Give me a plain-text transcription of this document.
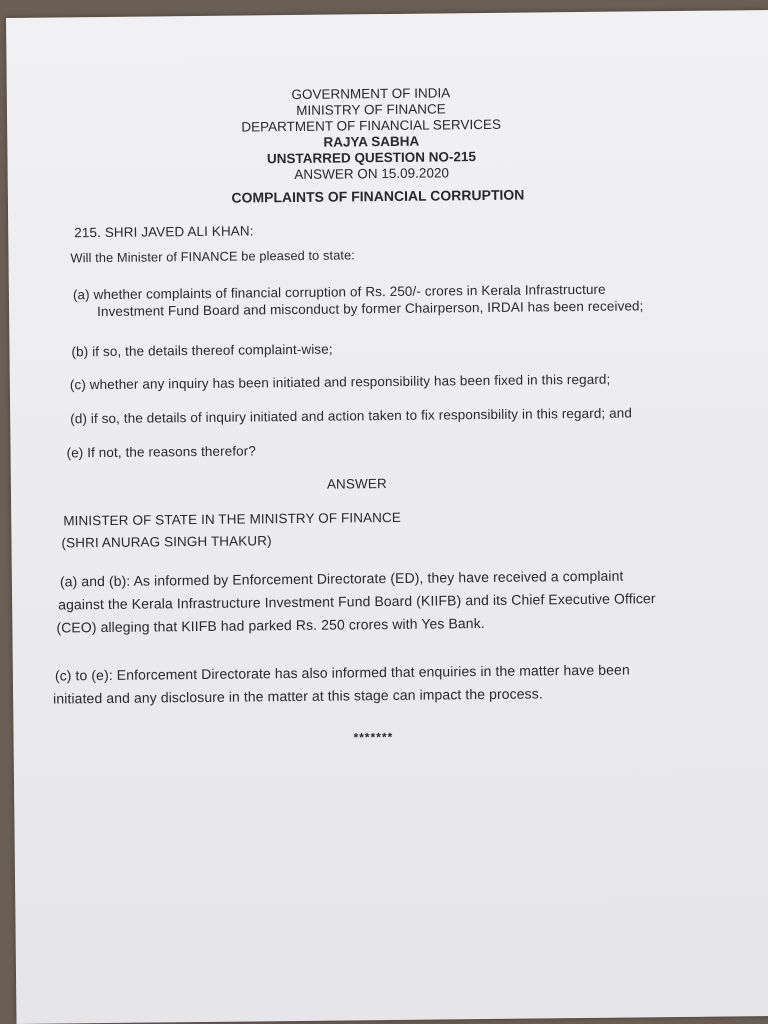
GOVERNMENT OF INDIA
MINISTRY OF FINANCE
DEPARTMENT OF FINANCIAL SERVICES
RAJYA SABHA
UNSTARRED QUESTION NO-215
ANSWER ON 15.09.2020
COMPLAINTS OF FINANCIAL CORRUPTION
215. SHRI JAVED ALI KHAN:
Will the Minister of FINANCE be pleased to state:
(a) whether complaints of financial corruption of Rs. 250/- crores in Kerala Infrastructure
Investment Fund Board and misconduct by former Chairperson, IRDAI has been received;
(b) if so, the details thereof complaint-wise;
(c) whether any inquiry has been initiated and responsibility has been fixed in this regard;
(d) if so, the details of inquiry initiated and action taken to fix responsibility in this regard; and
(e) If not, the reasons therefor?
ANSWER
MINISTER OF STATE IN THE MINISTRY OF FINANCE
(SHRI ANURAG SINGH THAKUR)
(a) and (b): As informed by Enforcement Directorate (ED), they have received a complaint
against the Kerala Infrastructure Investment Fund Board (KIIFB) and its Chief Executive Officer
(CEO) alleging that KIIFB had parked Rs. 250 crores with Yes Bank.
(c) to (e): Enforcement Directorate has also informed that enquiries in the matter have been
initiated and any disclosure in the matter at this stage can impact the process.
*******
